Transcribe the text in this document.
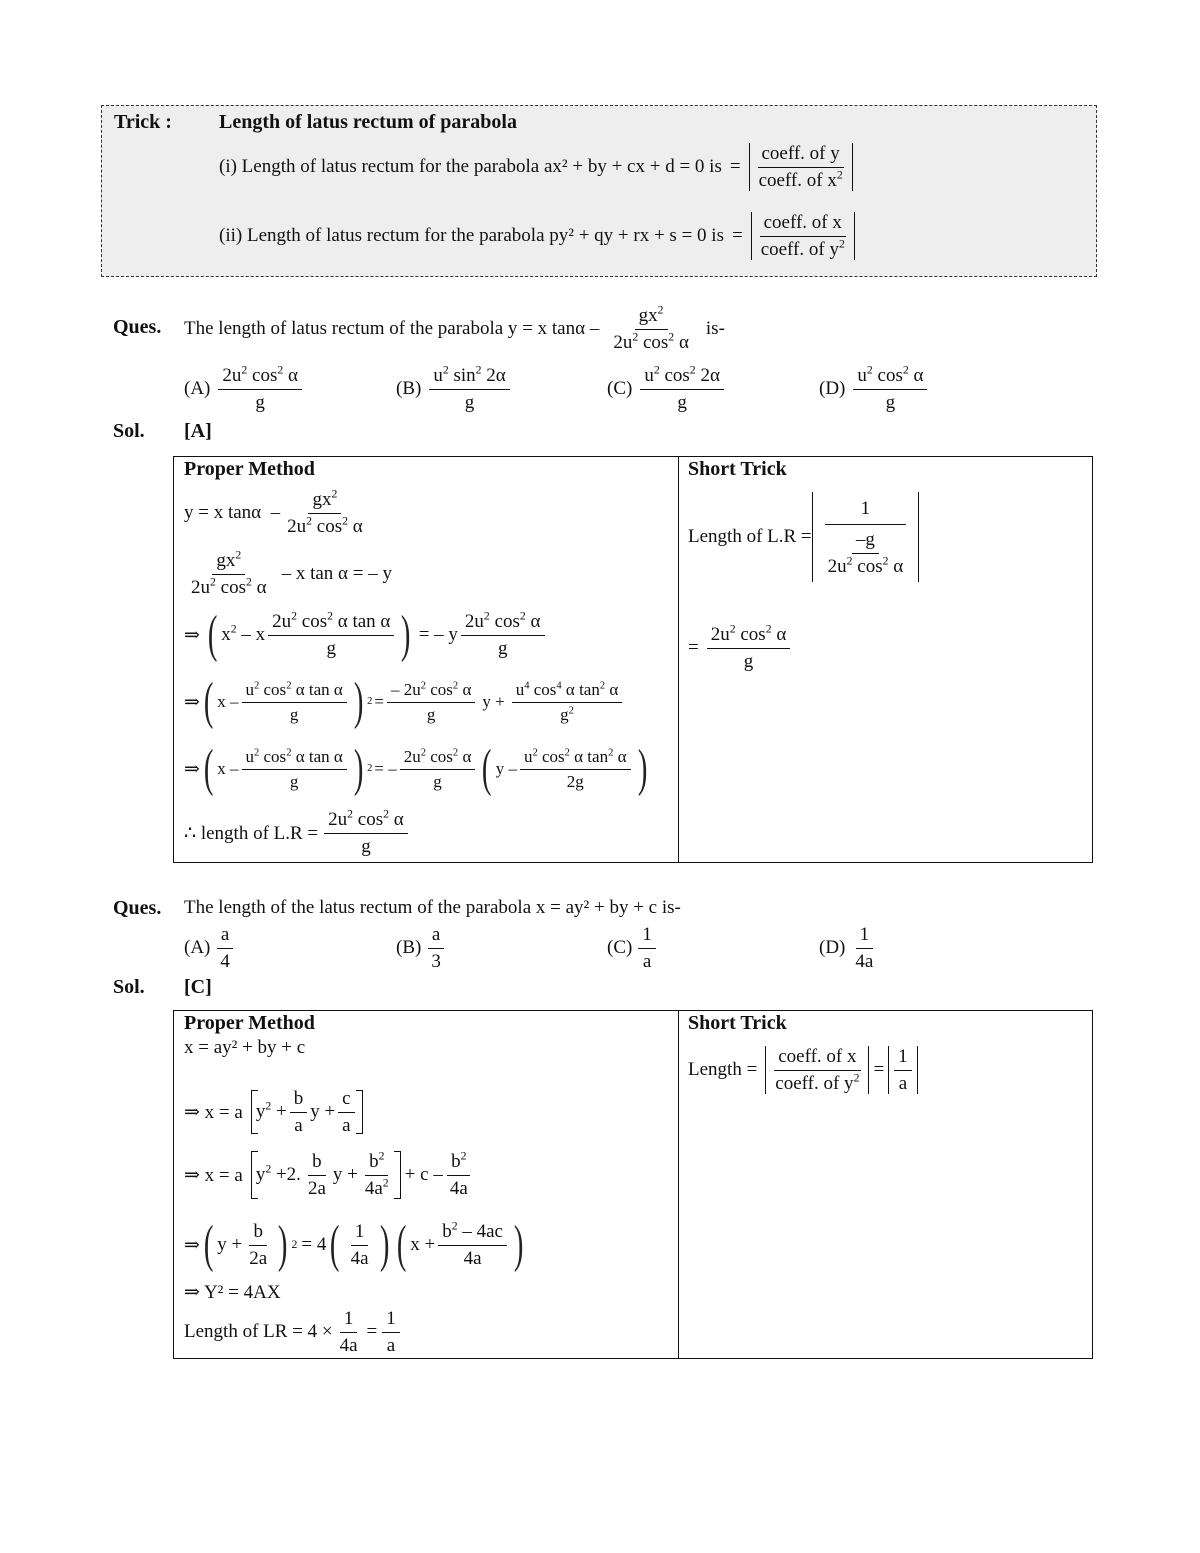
Trick : Length of latus rectum of parabola
(i) Length of latus rectum for the parabola ax² + by + cx + d = 0 is = $\frac{\text{coeff. of y}}{coeff. of x^2}$
(ii) Length of latus rectum for the parabola py² + qy + rx + s = 0 is = $\frac{\text{coeff. of x}}{coeff. of y^2}$
Ques. The length of latus rectum of the parabola y = x tanα – $\frac{gx^2}{2u^2 \cos^2 \alpha} is-$
$(A) \frac{2u^2 \cos^2 \alpha}{g}$	$(B) \frac{u^2 \sin^2 2\alpha}{g}$	$(C) \frac{u^2 \cos^2 2\alpha}{g}$	$(D) \frac{u^2 \cos^2 \alpha}{g}$
Sol. [A]
Proper Method	Short Trick
y = x tanα  – $\frac{gx^2}{2u^2 \cos^2 \alpha}$
$\frac{gx^2}{2u^2 \cos^2 \alpha}$ – x tan α = – y
⇒ ( $x^2$ – x $\frac{2u^2 \cos^2 \alpha \tan \alpha}{g}$ ) = – y $\frac{2u^2 \cos^2 \alpha}{g}$
⇒ ( x – $\frac{u^2 \cos^2 \alpha \tan \alpha}{g}$ ) $2 = \frac{- 2u^2 \cos^2 \alpha}{g}$ $y + \frac{u^4 \cos^4 \alpha \tan^2 \alpha}{g^2}$
⇒ ( x – $\frac{u^2 \cos^2 \alpha \tan \alpha}{g}$ ) 2 = – $\frac{2u^2 \cos^2 \alpha}{g}$ ( y – $\frac{u^2 \cos^2 \alpha \tan^2 \alpha}{2g}$ )
∴ length of $L.R = \frac{2u^2 \cos^2 \alpha}{g}$
Length of $L.R = \frac{1}{\frac{-g}{2u^2 \cos^2 \alpha}}$
= $\frac{2u^2 \cos^2 \alpha}{g}$
Ques. The length of the latus rectum of the parabola x = ay² + by + c is-
$(A) \frac{a}{4}$	$(B) \frac{a}{3}$	$(C) \frac{1}{a}$	$(D) \frac{1}{4a}$
Sol. [C]
Proper Method	Short Trick
x = ay² + by + c
⇒ x = a $y^2 + \frac{b}{a}$ $y + \frac{c}{a}$
⇒ x = a $y^2 +2$. $\frac{b}{2a}$ $y + \frac{b^2}{4a^2} + c - \frac{b^2}{4a}$
⇒ ( $y + \frac{b}{2a}$ ) 2 = 4 ( $\frac{1}{4a}$ ) ( $x + \frac{b^2 - 4ac}{4a}$ )
⇒ Y² = 4AX
Length of LR = $4 \times \frac{1}{4a} = \frac{1}{a}$
Length = $\frac{\text{coeff. of x}}{coeff. of y^2} = \frac{1}{a}$
